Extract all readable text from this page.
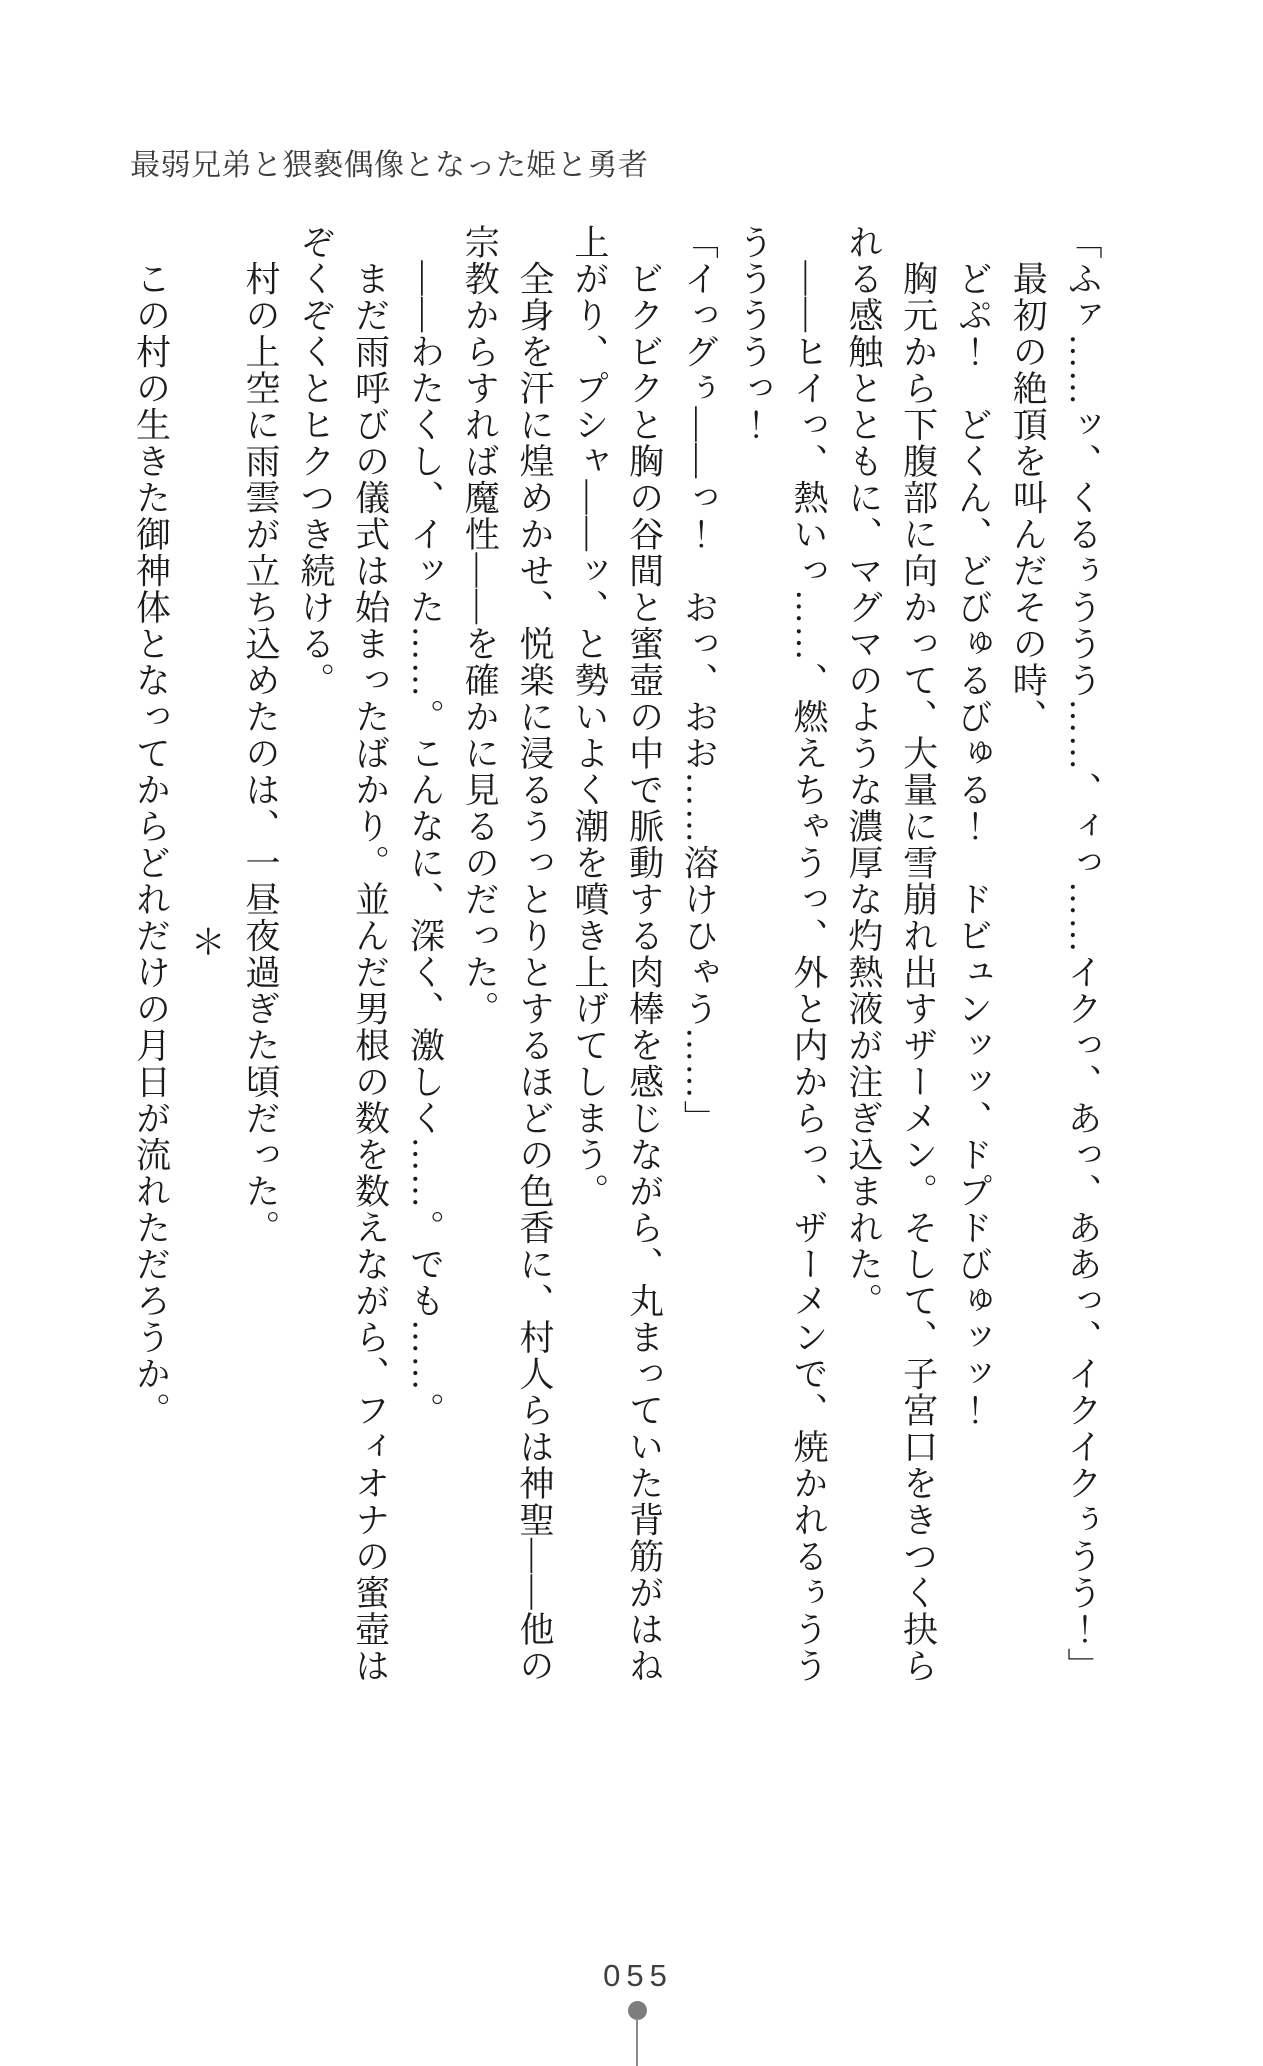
最弱兄弟と猥褻偶像となった姫と勇者
「ふァ……ッ、くるぅううう……、ィっ……イクっ、あっ、ああっ、イクイクぅうう！」
　最初の絶頂を叫んだその時、
　どぷ！　どくん、どびゅるびゅる！　ドビュンッッ、ドプドびゅッッ！
　胸元から下腹部に向かって、大量に雪崩れ出すザーメン。そして、子宮口をきつく抉ら
れる感触とともに、マグマのような濃厚な灼熱液が注ぎ込まれた。
　――ヒイっ、熱いっ……、燃えちゃうっ、外と内からっ、ザーメンで、焼かれるぅうう
ううううっ！
「イっグぅ――っ！　おっ、おお……溶けひゃう……」
　ビクビクと胸の谷間と蜜壺の中で脈動する肉棒を感じながら、丸まっていた背筋がはね
上がり、プシャ――ッ、と勢いよく潮を噴き上げてしまう。
　全身を汗に煌めかせ、悦楽に浸るうっとりとするほどの色香に、村人らは神聖――他の
宗教からすれば魔性――を確かに見るのだった。
　――わたくし、イッた……。こんなに、深く、激しく……。でも……。
　まだ雨呼びの儀式は始まったばかり。並んだ男根の数を数えながら、フィオナの蜜壺は
ぞくぞくとヒクつき続ける。
　村の上空に雨雲が立ち込めたのは、一昼夜過ぎた頃だった。
＊
　この村の生きた御神体となってからどれだけの月日が流れただろうか。
055
